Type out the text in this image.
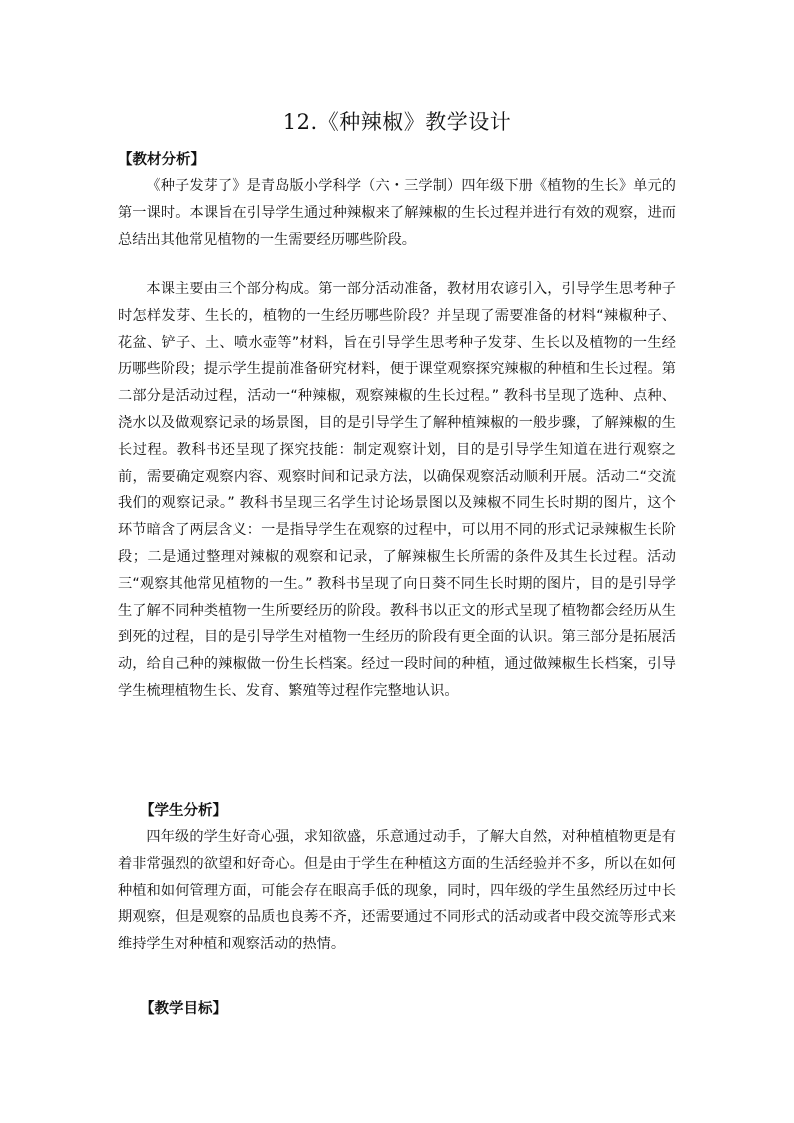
12.《种辣椒》教学设计
【教材分析】

《种子发芽了》是青岛版小学科学（六・三学制）四年级下册《植物的生长》单元的第一课时。本课旨在引导学生通过种辣椒来了解辣椒的生长过程并进行有效的观察，进而总结出其他常见植物的一生需要经历哪些阶段。

本课主要由三个部分构成。第一部分活动准备，教材用农谚引入，引导学生思考种子时怎样发芽、生长的，植物的一生经历哪些阶段？并呈现了需要准备的材料“辣椒种子、花盆、铲子、土、喷水壶等”材料，旨在引导学生思考种子发芽、生长以及植物的一生经历哪些阶段；提示学生提前准备研究材料，便于课堂观察探究辣椒的种植和生长过程。第二部分是活动过程，活动一“种辣椒，观察辣椒的生长过程。” 教科书呈现了选种、点种、浇水以及做观察记录的场景图，目的是引导学生了解种植辣椒的一般步骤，了解辣椒的生长过程。教科书还呈现了探究技能：制定观察计划，目的是引导学生知道在进行观察之前，需要确定观察内容、观察时间和记录方法，以确保观察活动顺利开展。活动二“交流我们的观察记录。” 教科书呈现三名学生讨论场景图以及辣椒不同生长时期的图片，这个环节暗含了两层含义：一是指导学生在观察的过程中，可以用不同的形式记录辣椒生长阶段；二是通过整理对辣椒的观察和记录，了解辣椒生长所需的条件及其生长过程。活动三“观察其他常见植物的一生。” 教科书呈现了向日葵不同生长时期的图片，目的是引导学生了解不同种类植物一生所要经历的阶段。教科书以正文的形式呈现了植物都会经历从生到死的过程，目的是引导学生对植物一生经历的阶段有更全面的认识。第三部分是拓展活动，给自己种的辣椒做一份生长档案。经过一段时间的种植，通过做辣椒生长档案，引导学生梳理植物生长、发育、繁殖等过程作完整地认识。

【学生分析】

四年级的学生好奇心强，求知欲盛，乐意通过动手，了解大自然，对种植植物更是有着非常强烈的欲望和好奇心。但是由于学生在种植这方面的生活经验并不多，所以在如何种植和如何管理方面，可能会存在眼高手低的现象，同时，四年级的学生虽然经历过中长期观察，但是观察的品质也良莠不齐，还需要通过不同形式的活动或者中段交流等形式来维持学生对种植和观察活动的热情。

【教学目标】
